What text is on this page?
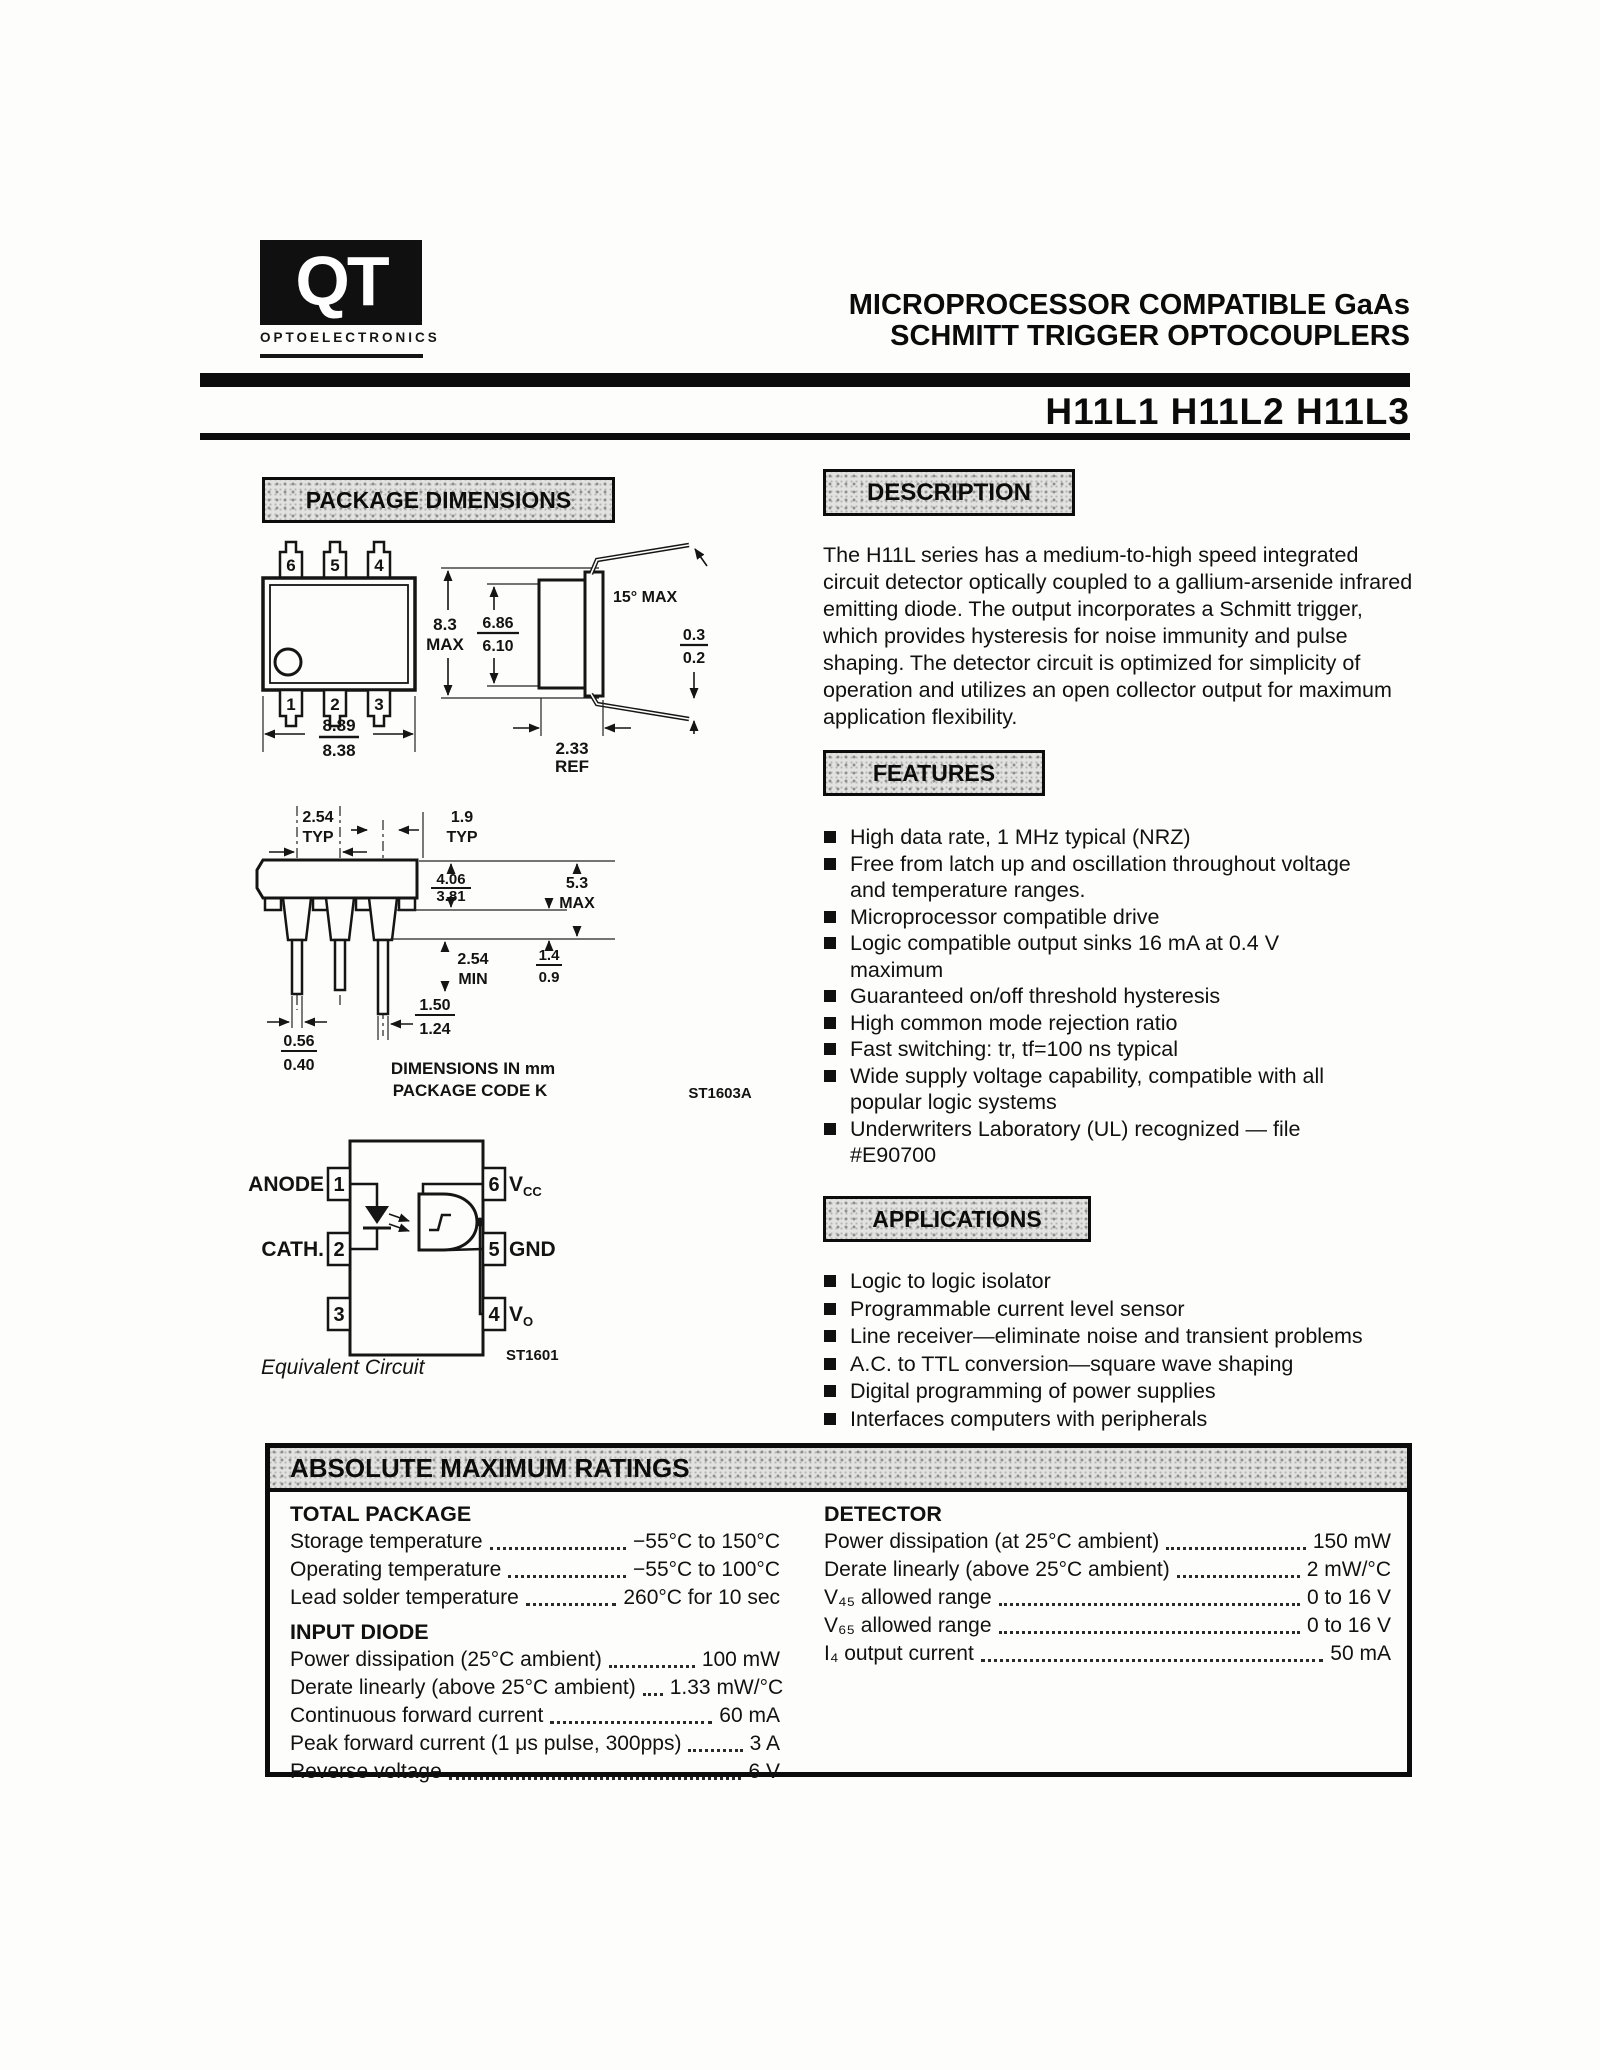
QT
OPTOELECTRONICS
MICROPROCESSOR COMPATIBLE GaAs
SCHMITT TRIGGER OPTOCOUPLERS
H11L1 H11L2 H11L3
PACKAGE DIMENSIONS	DESCRIPTION
FEATURES
APPLICATIONS
The H11L series has a medium-to-high speed integrated circuit detector optically coupled to a gallium-arsenide infrared emitting diode. The output incorporates a Schmitt trigger, which provides hysteresis for noise immunity and pulse shaping. The detector circuit is optimized for simplicity of operation and utilizes an open collector output for maximum application flexibility.
High data rate, 1 MHz typical (NRZ)
Free from latch up and oscillation throughout voltage and temperature ranges.
Microprocessor compatible drive
Logic compatible output sinks 16 mA at 0.4 V maximum
Guaranteed on/off threshold hysteresis
High common mode rejection ratio
Fast switching: tr, tf=100 ns typical
Wide supply voltage capability, compatible with all popular logic systems
Underwriters Laboratory (UL) recognized — file #E90700
Logic to logic isolator
Programmable current level sensor
Line receiver—eliminate noise and transient problems
A.C. to TTL conversion—square wave shaping
Digital programming of power supplies
Interfaces computers with peripherals
6 5 4
1 2 3
8.89
8.38
8.3
MAX
6.86
6.10
15° MAX
0.3
0.2
2.33
REF
2.54
TYP
1.9
TYP
4.06
3.81
5.3
MAX
1.4
0.9
2.54
MIN
1.50
1.24
0.56
0.40	DIMENSIONS IN mm
PACKAGE CODE K	ST1603A
1
2
3
6
5
4
ANODE
CATH.
$V_{CC}$
GND
$V_O$
ST1601
Equivalent Circuit
ABSOLUTE MAXIMUM RATINGS
TOTAL PACKAGE
Storage temperature	−55°C to 150°C
Operating temperature	−55°C to 100°C
Lead solder temperature	260°C for 10 sec
INPUT DIODE
Power dissipation (25°C ambient)	100 mW
Derate linearly (above 25°C ambient) 1.33 mW/°C
Continuous forward current	60 mA
Peak forward current (1 μs pulse, 300pps)	3 A
Reverse voltage	6 V
DETECTOR
Power dissipation (at 25°C ambient)	150 mW
Derate linearly (above 25°C ambient)	2 mW/°C
V₄₅ allowed range	0 to 16 V
V₆₅ allowed range	0 to 16 V
I₄ output current	50 mA
